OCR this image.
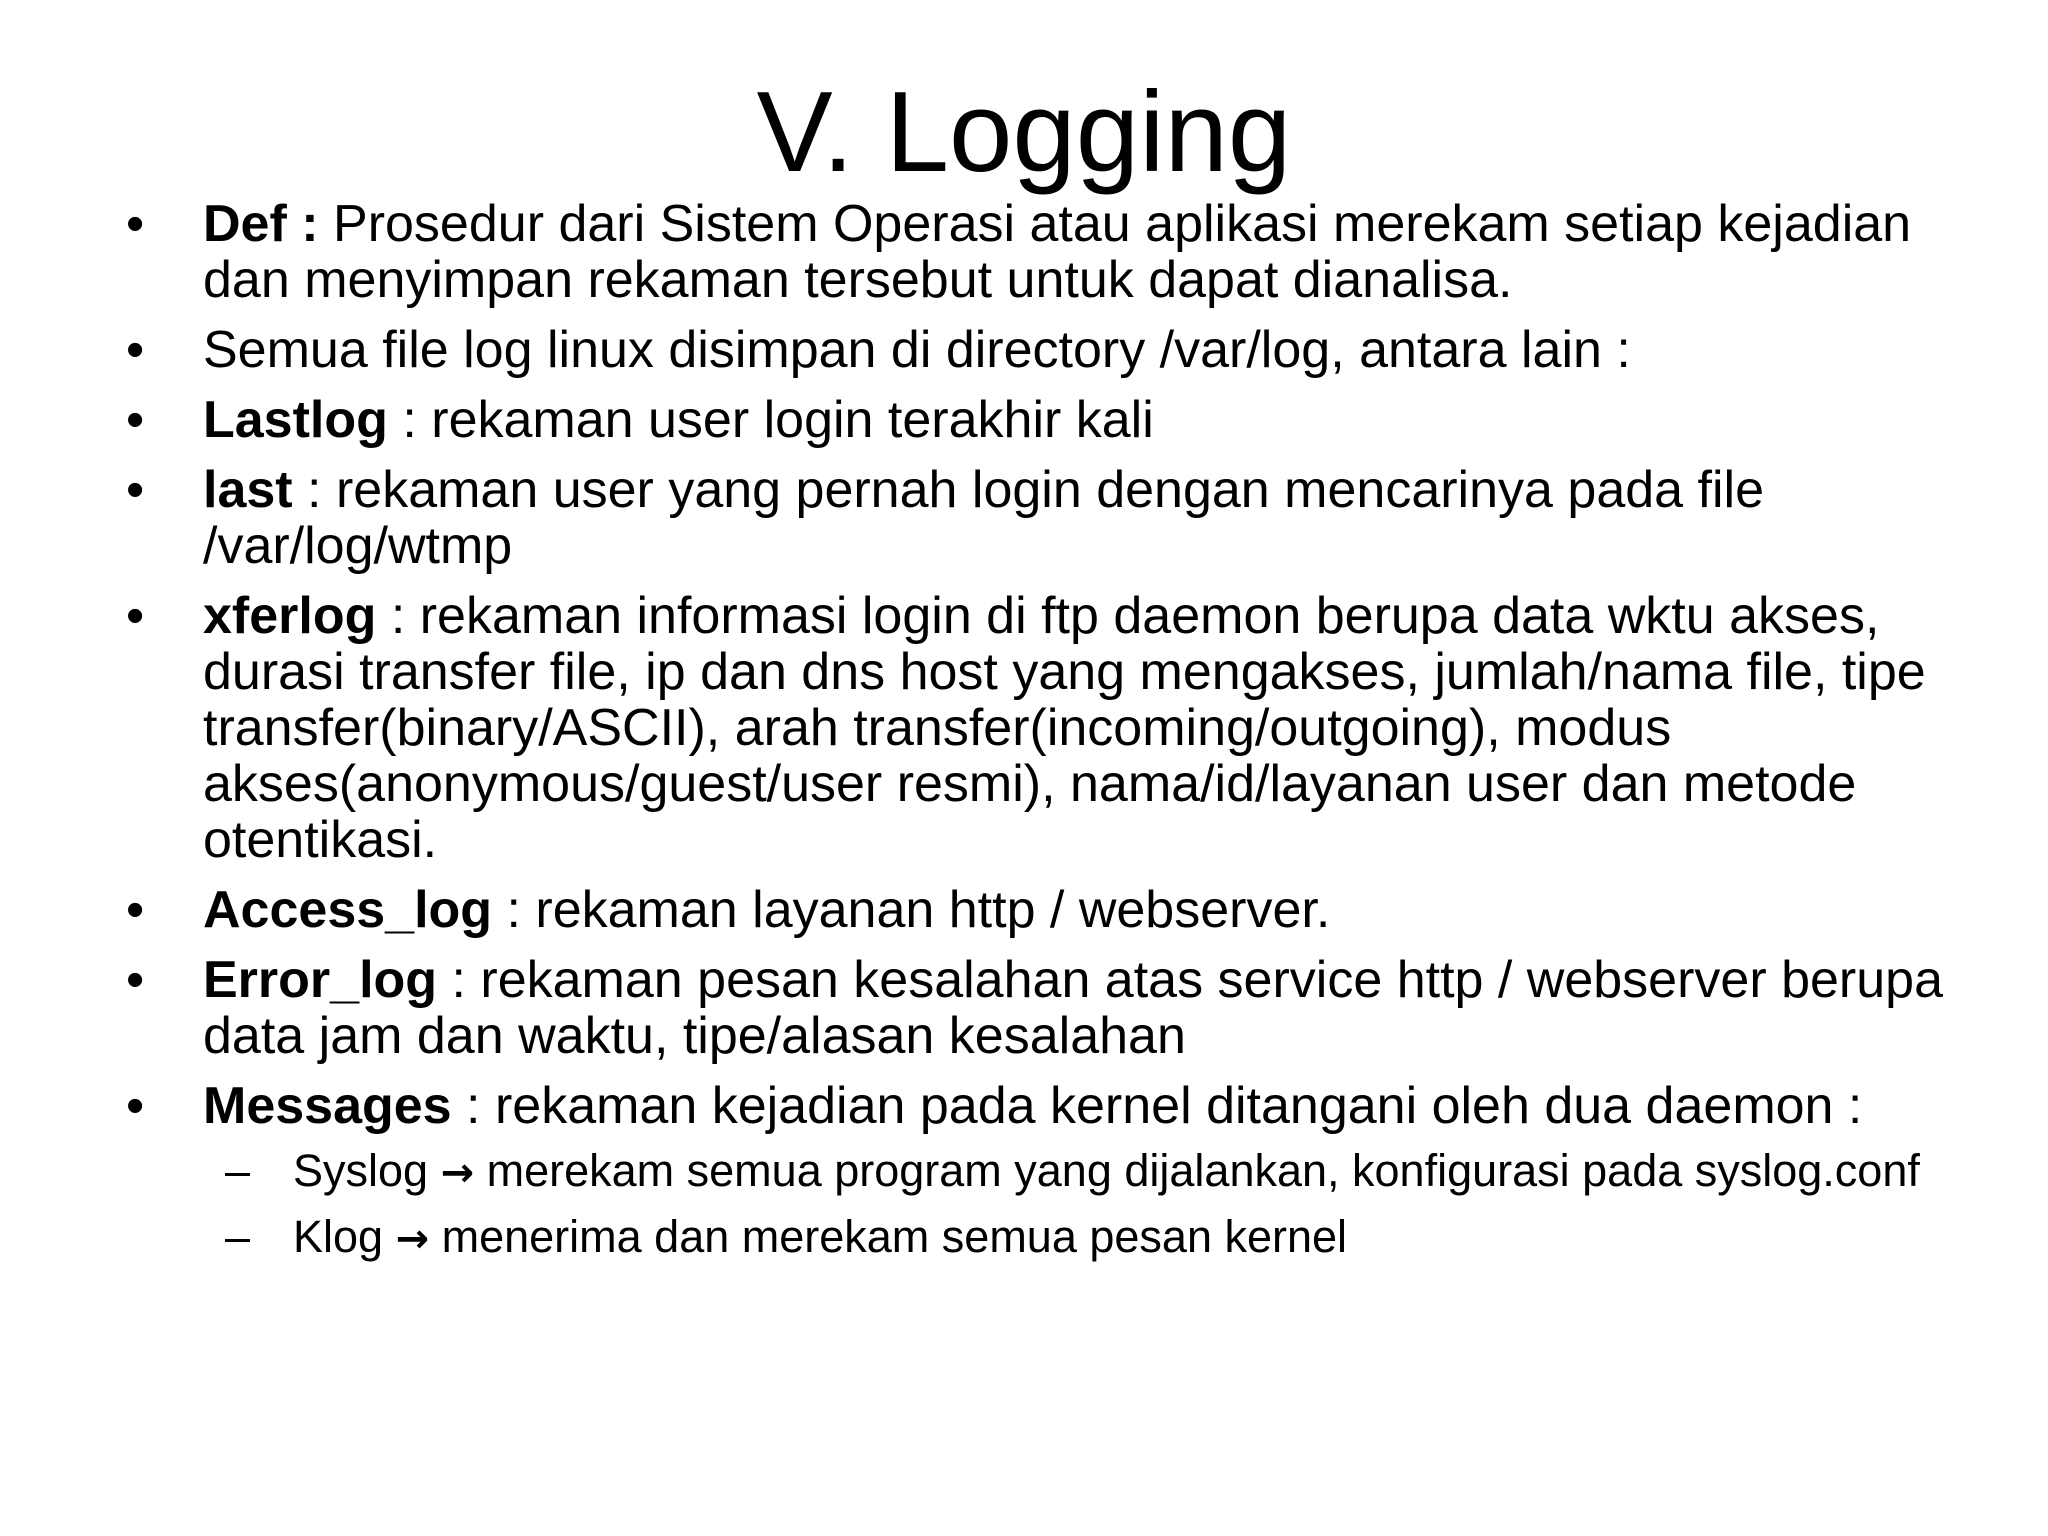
V. Logging
• Def : Prosedur dari Sistem Operasi atau aplikasi merekam setiap kejadian dan menyimpan rekaman tersebut untuk dapat dianalisa.
• Semua file log linux disimpan di directory /var/log, antara lain :
• Lastlog : rekaman user login terakhir kali
• last : rekaman user yang pernah login dengan mencarinya pada file /var/log/wtmp
• xferlog : rekaman informasi login di ftp daemon berupa data wktu akses, durasi transfer file, ip dan dns host yang mengakses, jumlah/nama file, tipe transfer(binary/ASCII), arah transfer(incoming/outgoing), modus akses(anonymous/guest/user resmi), nama/id/layanan user dan metode otentikasi.
• Access_log : rekaman layanan http / webserver.
• Error_log : rekaman pesan kesalahan atas service http / webserver berupa data jam dan waktu, tipe/alasan kesalahan
• Messages : rekaman kejadian pada kernel ditangani oleh dua daemon :
– Syslog → merekam semua program yang dijalankan, konfigurasi pada syslog.conf
– Klog → menerima dan merekam semua pesan kernel
